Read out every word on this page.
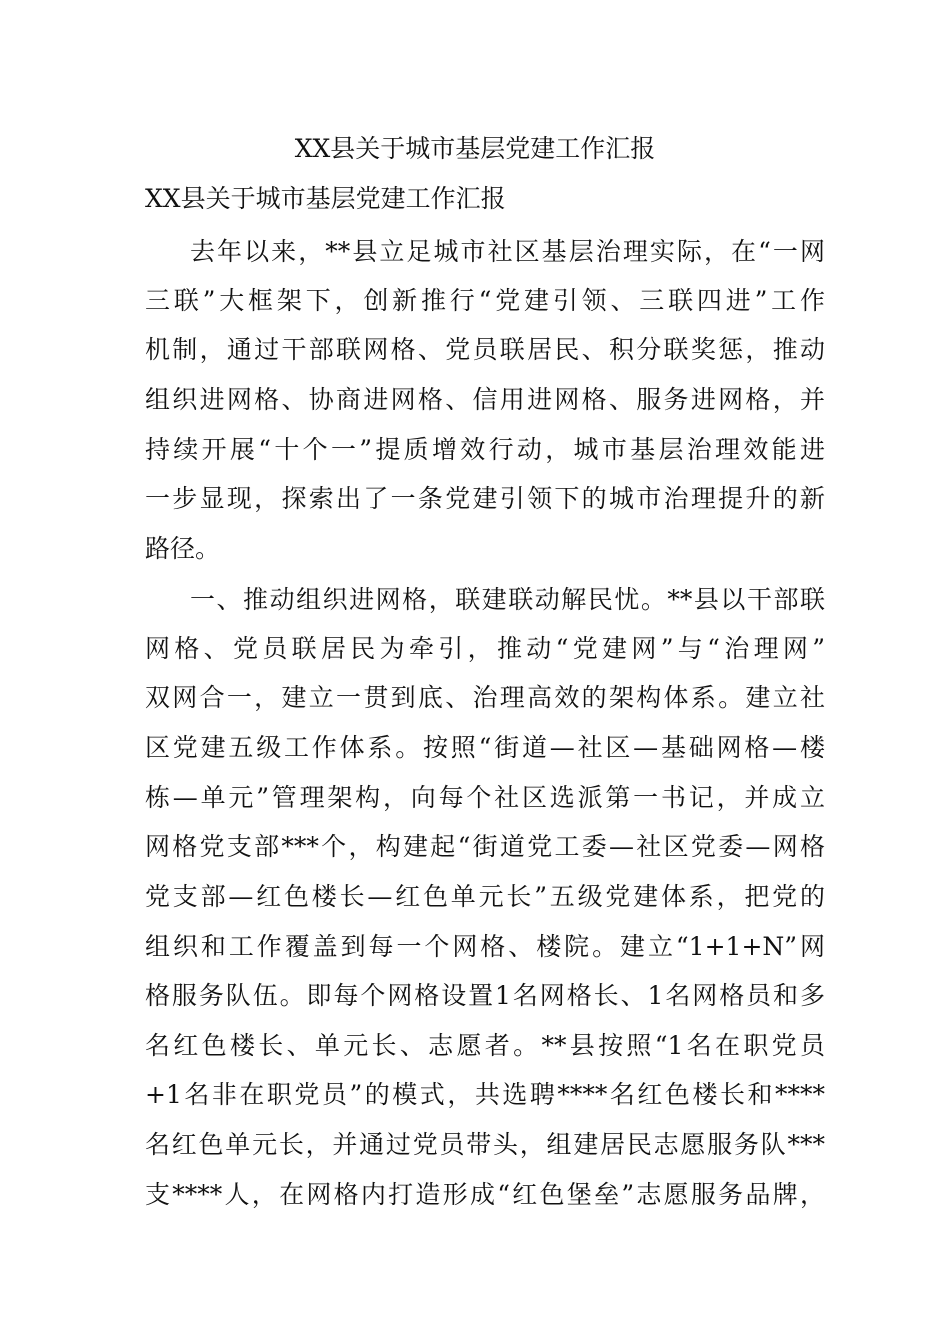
XX县关于城市基层党建工作汇报
XX县关于城市基层党建工作汇报
去年以来，**县立足城市社区基层治理实际，在“一网
三联”大框架下，创新推行“党建引领、三联四进”工作
机制，通过干部联网格、党员联居民、积分联奖惩，推动
组织进网格、协商进网格、信用进网格、服务进网格，并
持续开展“十个一”提质增效行动，城市基层治理效能进
一步显现，探索出了一条党建引领下的城市治理提升的新
路径。
一、推动组织进网格，联建联动解民忧。**县以干部联
网格、党员联居民为牵引，推动“党建网”与“治理网”
双网合一，建立一贯到底、治理高效的架构体系。建立社
区党建五级工作体系。按照“街道—社区—基础网格—楼
栋—单元”管理架构，向每个社区选派第一书记，并成立
网格党支部***个，构建起“街道党工委—社区党委—网格
党支部—红色楼长—红色单元长”五级党建体系，把党的
组织和工作覆盖到每一个网格、楼院。建立“1+1+N”网
格服务队伍。即每个网格设置1名网格长、1名网格员和多
名红色楼长、单元长、志愿者。**县按照“1名在职党员
+1名非在职党员”的模式，共选聘****名红色楼长和****
名红色单元长，并通过党员带头，组建居民志愿服务队***
支****人，在网格内打造形成“红色堡垒”志愿服务品牌，
